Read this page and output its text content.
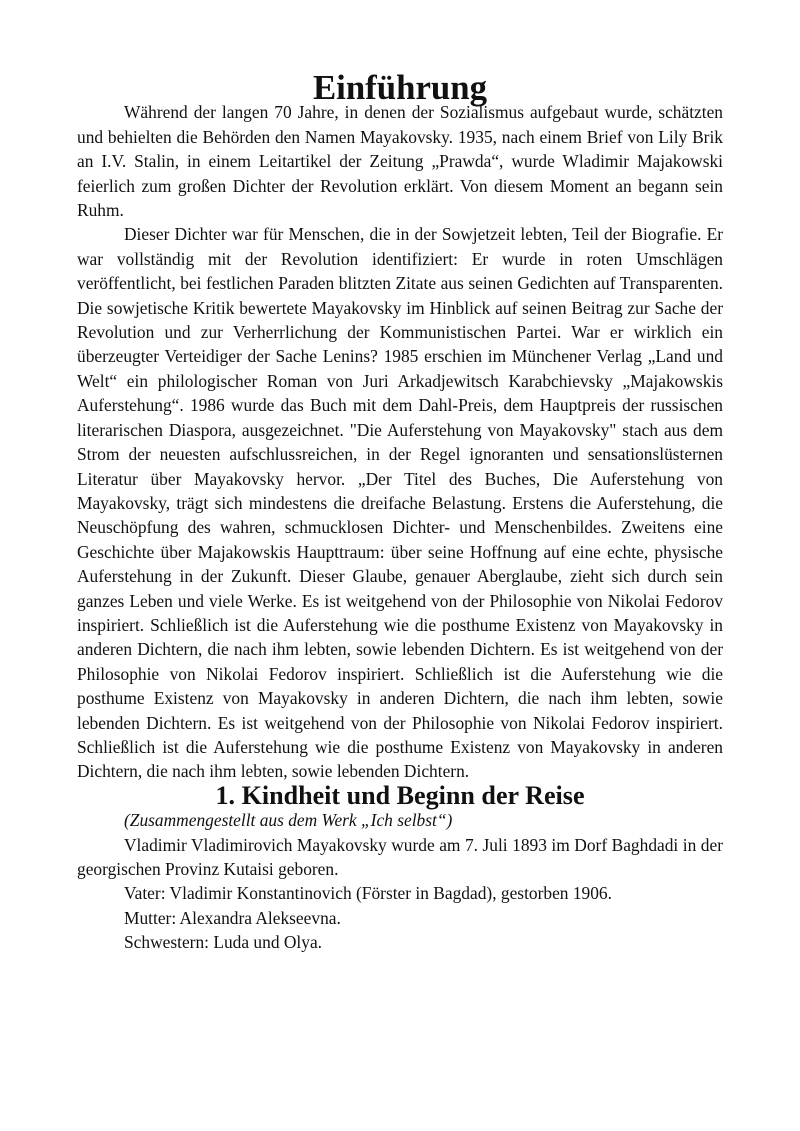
Einführung

Während der langen 70 Jahre, in denen der Sozialismus aufgebaut wurde, schätzten und behielten die Behörden den Namen Mayakovsky. 1935, nach einem Brief von Lily Brik an I.V. Stalin, in einem Leitartikel der Zeitung „Prawda“, wurde Wladimir Majakowski feierlich zum großen Dichter der Revolution erklärt. Von diesem Moment an begann sein Ruhm.

Dieser Dichter war für Menschen, die in der Sowjetzeit lebten, Teil der Biografie. Er war vollständig mit der Revolution identifiziert: Er wurde in roten Umschlägen veröffentlicht, bei festlichen Paraden blitzten Zitate aus seinen Gedichten auf Transparenten. Die sowjetische Kritik bewertete Mayakovsky im Hinblick auf seinen Beitrag zur Sache der Revolution und zur Verherrlichung der Kommunistischen Partei. War er wirklich ein überzeugter Verteidiger der Sache Lenins? 1985 erschien im Münchener Verlag „Land und Welt“ ein philologischer Roman von Juri Arkadjewitsch Karabchievsky „Majakowskis Auferstehung“. 1986 wurde das Buch mit dem Dahl-Preis, dem Hauptpreis der russischen literarischen Diaspora, ausgezeichnet. "Die Auferstehung von Mayakovsky" stach aus dem Strom der neuesten aufschlussreichen, in der Regel ignoranten und sensationslüsternen Literatur über Mayakovsky hervor. „Der Titel des Buches, Die Auferstehung von Mayakovsky, trägt sich mindestens die dreifache Belastung. Erstens die Auferstehung, die Neuschöpfung des wahren, schmucklosen Dichter- und Menschenbildes. Zweitens eine Geschichte über Majakowskis Haupttraum: über seine Hoffnung auf eine echte, physische Auferstehung in der Zukunft. Dieser Glaube, genauer Aberglaube, zieht sich durch sein ganzes Leben und viele Werke. Es ist weitgehend von der Philosophie von Nikolai Fedorov inspiriert. Schließlich ist die Auferstehung wie die posthume Existenz von Mayakovsky in anderen Dichtern, die nach ihm lebten, sowie lebenden Dichtern. Es ist weitgehend von der Philosophie von Nikolai Fedorov inspiriert. Schließlich ist die Auferstehung wie die posthume Existenz von Mayakovsky in anderen Dichtern, die nach ihm lebten, sowie lebenden Dichtern. Es ist weitgehend von der Philosophie von Nikolai Fedorov inspiriert. Schließlich ist die Auferstehung wie die posthume Existenz von Mayakovsky in anderen Dichtern, die nach ihm lebten, sowie lebenden Dichtern.

1. Kindheit und Beginn der Reise

(Zusammengestellt aus dem Werk „Ich selbst“)

Vladimir Vladimirovich Mayakovsky wurde am 7. Juli 1893 im Dorf Baghdadi in der georgischen Provinz Kutaisi geboren.

Vater: Vladimir Konstantinovich (Förster in Bagdad), gestorben 1906.

Mutter: Alexandra Alekseevna.

Schwestern: Luda und Olya.
